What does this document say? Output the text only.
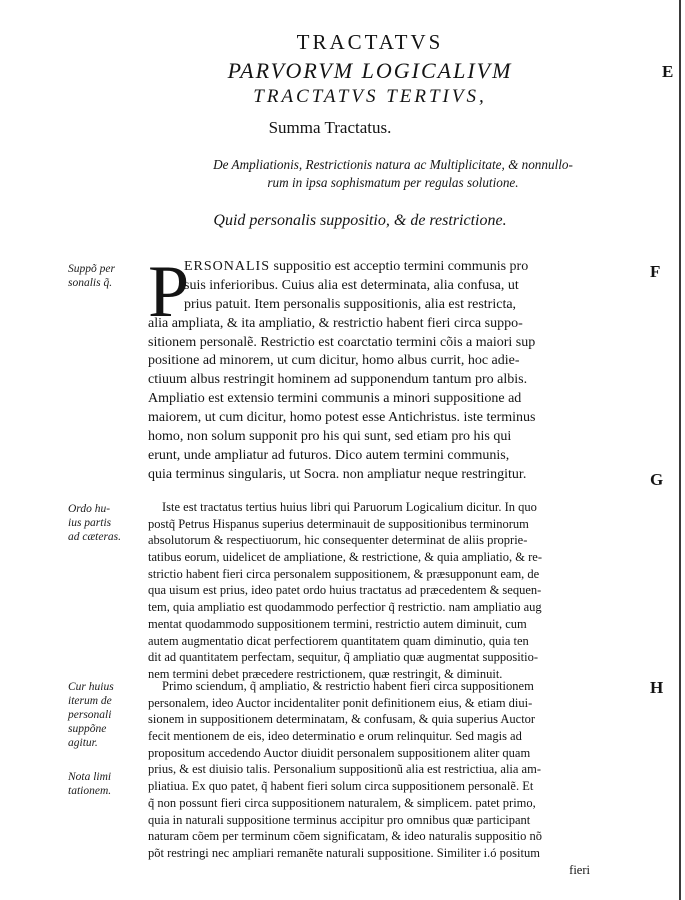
TRACTATVS
PARVORVM LOGICALIVM
TRACTATVS TERTIVS,
E
F
G
H
Summa Tractatus.
De Ampliationis, Restrictionis natura ac Multiplicitate, & nonnullo-
rum in ipsa sophismatum per regulas solutione.
Quid personalis suppositio, & de restrictione.
Suppõ per
sonalis q̃.
Ordo hu-
ius partis
ad cæteras.
Cur huius
iterum de
personali
suppõne
agitur.
Nota limi
tationem.
P
ERSONALIS suppositio est acceptio termini communis pro
suis inferioribus. Cuius alia est determinata, alia confusa, ut
prius patuit. Item personalis suppositionis, alia est restricta,
alia ampliata, & ita ampliatio, & restrictio habent fieri circa suppo-
sitionem personalẽ. Restrictio est coarctatio termini cõis a maiori sup
positione ad minorem, ut cum dicitur, homo albus currit, hoc adie-
ctiuum albus restringit hominem ad supponendum tantum pro albis.
Ampliatio est extensio termini communis a minori suppositione ad
maiorem, ut cum dicitur, homo potest esse Antichristus. iste terminus
homo, non solum supponit pro his qui sunt, sed etiam pro his qui
erunt, unde ampliatur ad futuros. Dico autem termini communis,
quia terminus singularis, ut Socra. non ampliatur neque restringitur.
Iste est tractatus tertius huius libri qui Paruorum Logicalium dicitur. In quo
postq̃ Petrus Hispanus superius determinauit de suppositionibus terminorum
absolutorum & respectiuorum, hic consequenter determinat de aliis proprie-
tatibus eorum, uidelicet de ampliatione, & restrictione, & quia ampliatio, & re-
strictio habent fieri circa personalem suppositionem, & præsupponunt eam, de
qua uisum est prius, ideo patet ordo huius tractatus ad præcedentem & sequen-
tem, quia ampliatio est quodammodo perfectior q̃ restrictio. nam ampliatio aug
mentat quodammodo suppositionem termini, restrictio autem diminuit, cum
autem augmentatio dicat perfectiorem quantitatem quam diminutio, quia ten
dit ad quantitatem perfectam, sequitur, q̃ ampliatio quæ augmentat suppositio-
nem termini debet præcedere restrictionem, quæ restringit, & diminuit.
Primo sciendum, q̃ ampliatio, & restrictio habent fieri circa suppositionem
personalem, ideo Auctor incidentaliter ponit definitionem eius, & etiam diui-
sionem in suppositionem determinatam, & confusam, & quia superius Auctor
fecit mentionem de eis, ideo determinatio e orum relinquitur. Sed magis ad
propositum accedendo Auctor diuidit personalem suppositionem aliter quam
prius, & est diuisio talis. Personalium suppositionũ alia est restrictiua, alia am-
pliatiua. Ex quo patet, q̃ habent fieri solum circa suppositionem personalẽ. Et
q̃ non possunt fieri circa suppositionem naturalem, & simplicem. patet primo,
quia in naturali suppositione terminus accipitur pro omnibus quæ participant
naturam cõem per terminum cõem significatam, & ideo naturalis suppositio nõ
põt restringi nec ampliari remanẽte naturali suppositione. Similiter i.ó positum
fieri
